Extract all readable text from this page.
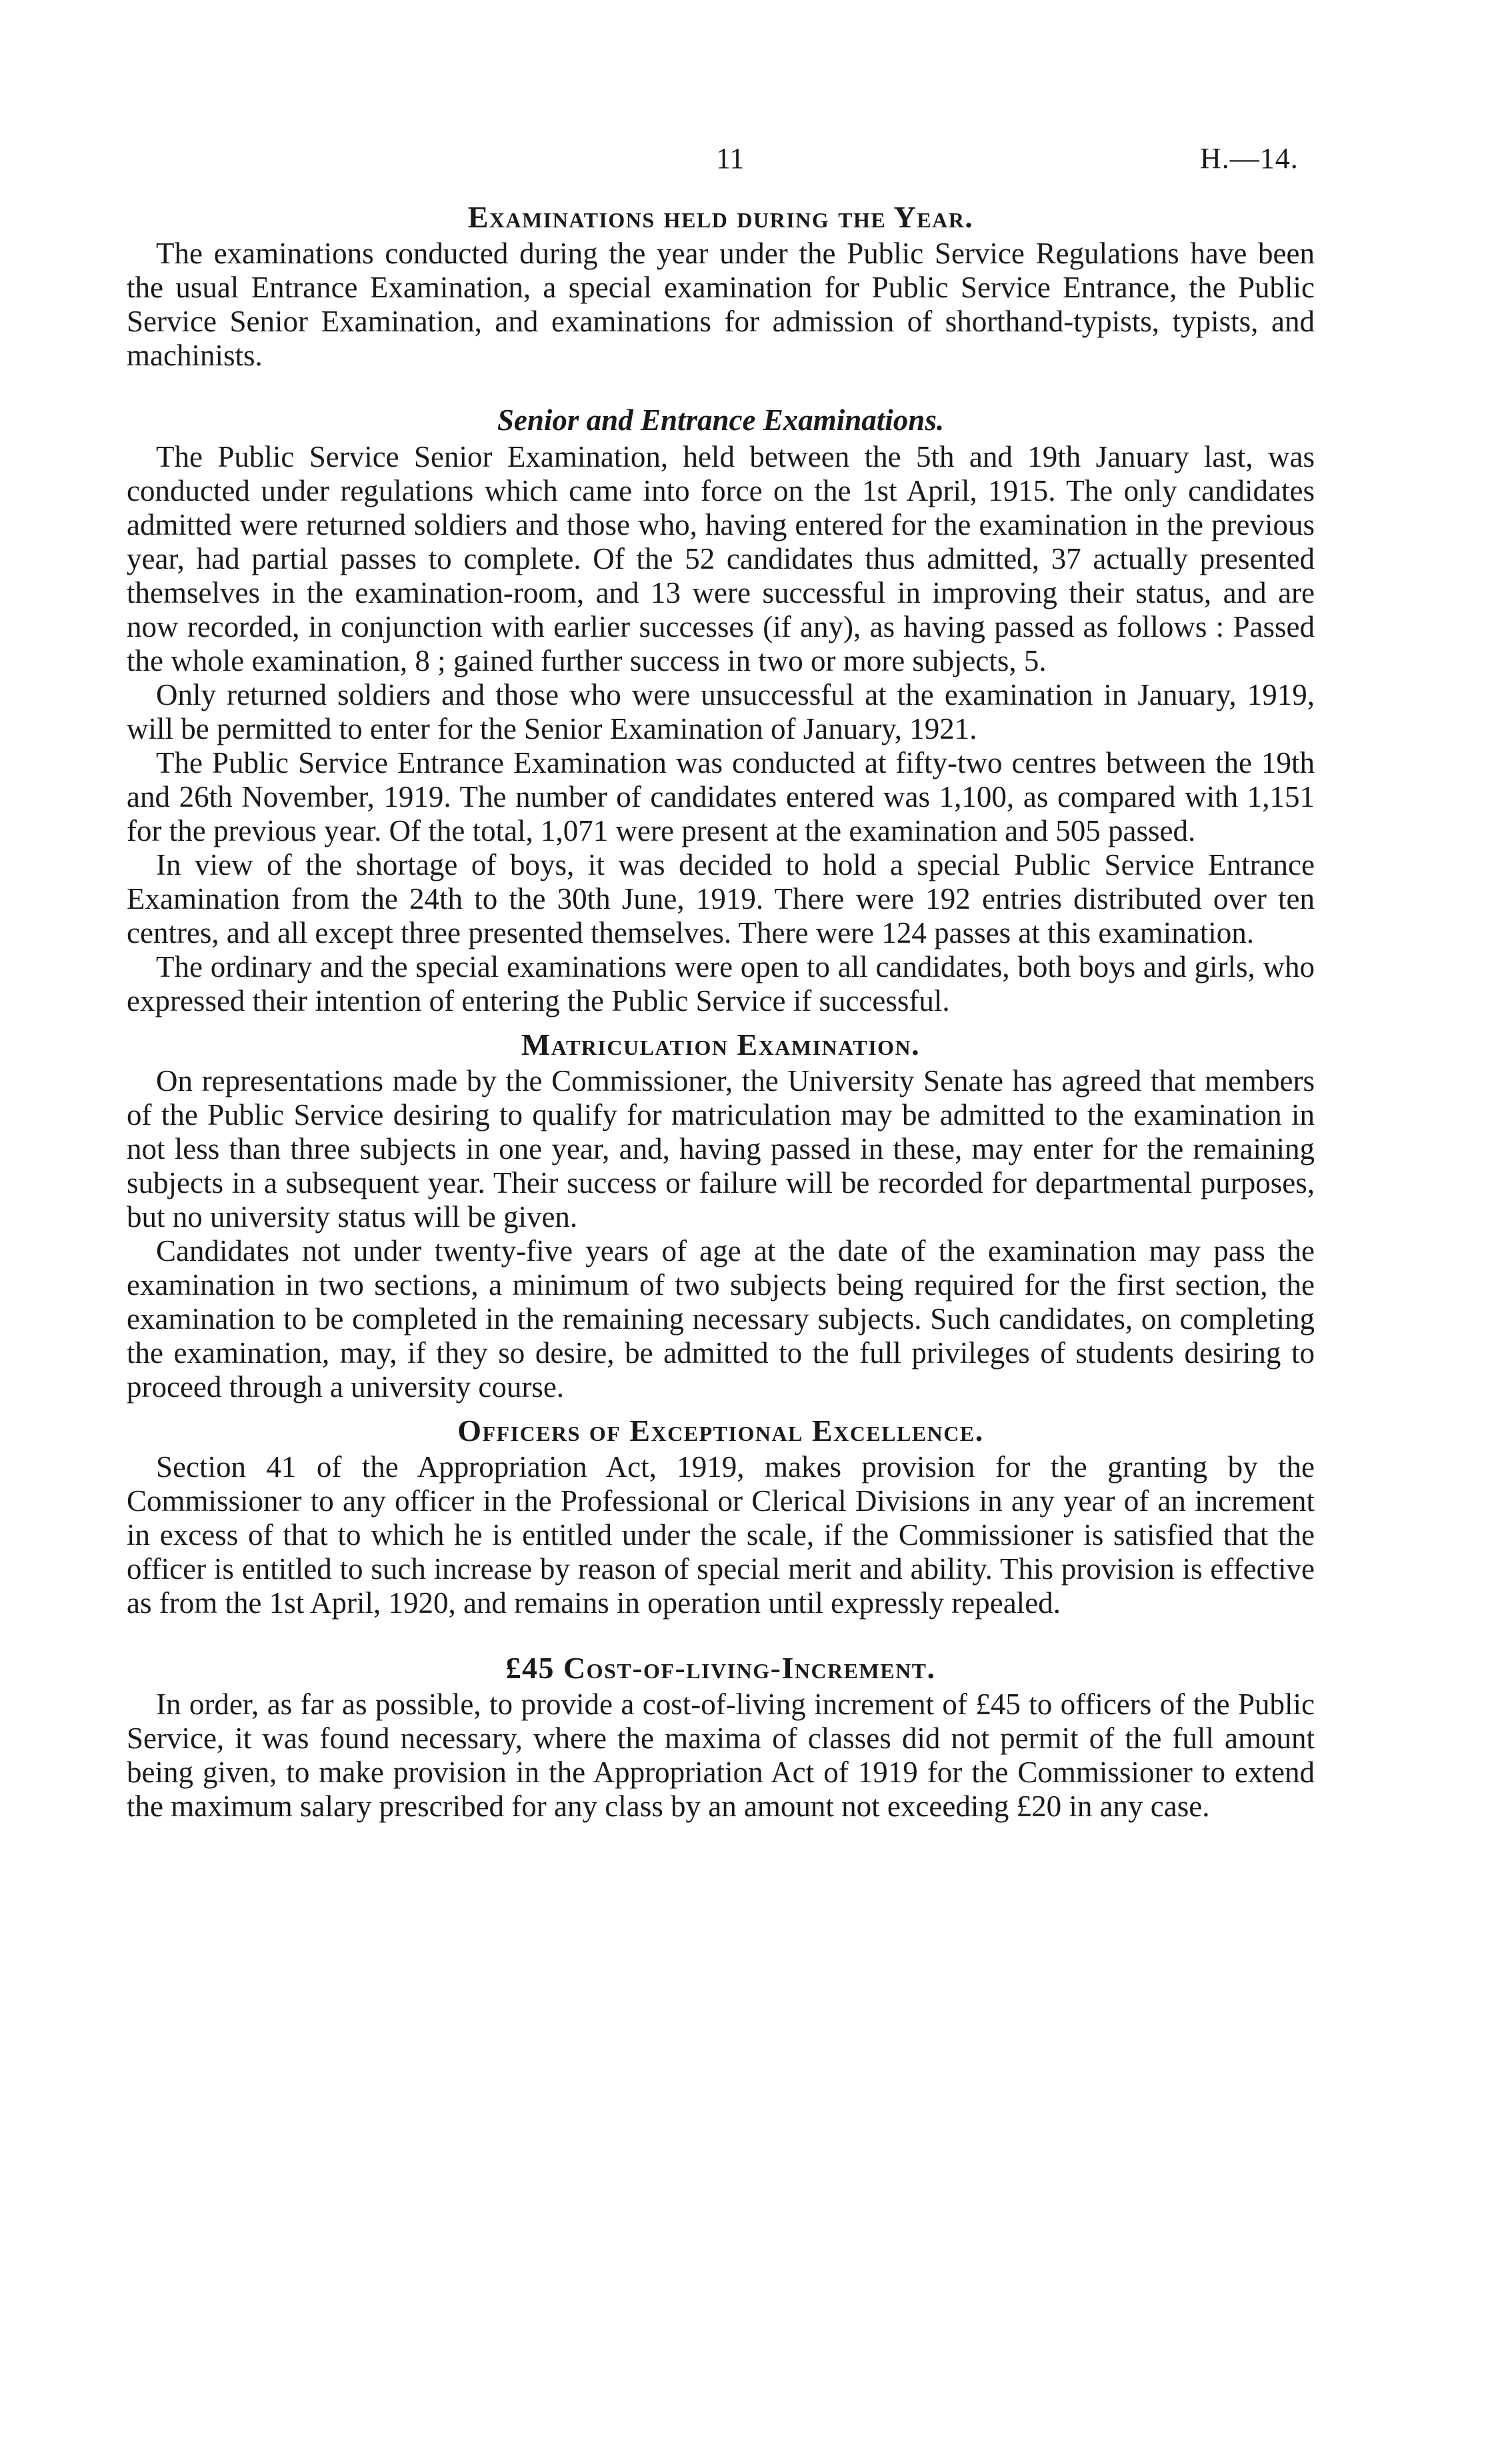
11	H.—14.
Examinations held during the Year.

The examinations conducted during the year under the Public Service Regulations have been the usual Entrance Examination, a special examination for Public Service Entrance, the Public Service Senior Examination, and examinations for admission of shorthand-typists, typists, and machinists.

Senior and Entrance Examinations.

The Public Service Senior Examination, held between the 5th and 19th January last, was conducted under regulations which came into force on the 1st April, 1915. The only candidates admitted were returned soldiers and those who, having entered for the examination in the previous year, had partial passes to complete. Of the 52 candidates thus admitted, 37 actually presented themselves in the examination-room, and 13 were successful in improving their status, and are now recorded, in conjunction with earlier successes (if any), as having passed as follows : Passed the whole examination, 8 ; gained further success in two or more subjects, 5.

Only returned soldiers and those who were unsuccessful at the examination in January, 1919, will be permitted to enter for the Senior Examination of January, 1921.

The Public Service Entrance Examination was conducted at fifty-two centres between the 19th and 26th November, 1919. The number of candidates entered was 1,100, as compared with 1,151 for the previous year. Of the total, 1,071 were present at the examination and 505 passed.

In view of the shortage of boys, it was decided to hold a special Public Service Entrance Examination from the 24th to the 30th June, 1919. There were 192 entries distributed over ten centres, and all except three presented themselves. There were 124 passes at this examination.

The ordinary and the special examinations were open to all candidates, both boys and girls, who expressed their intention of entering the Public Service if successful.

Matriculation Examination.

On representations made by the Commissioner, the University Senate has agreed that members of the Public Service desiring to qualify for matriculation may be admitted to the examination in not less than three subjects in one year, and, having passed in these, may enter for the remaining subjects in a subsequent year. Their success or failure will be recorded for departmental purposes, but no university status will be given.

Candidates not under twenty-five years of age at the date of the examination may pass the examination in two sections, a minimum of two subjects being required for the first section, the examination to be completed in the remaining necessary subjects. Such candidates, on completing the examination, may, if they so desire, be admitted to the full privileges of students desiring to proceed through a university course.

Officers of Exceptional Excellence.

Section 41 of the Appropriation Act, 1919, makes provision for the granting by the Commissioner to any officer in the Professional or Clerical Divisions in any year of an increment in excess of that to which he is entitled under the scale, if the Commissioner is satisfied that the officer is entitled to such increase by reason of special merit and ability. This provision is effective as from the 1st April, 1920, and remains in operation until expressly repealed.

£45 Cost-of-living-Increment.

In order, as far as possible, to provide a cost-of-living increment of £45 to officers of the Public Service, it was found necessary, where the maxima of classes did not permit of the full amount being given, to make provision in the Appropriation Act of 1919 for the Commissioner to extend the maximum salary prescribed for any class by an amount not exceeding £20 in any case.
